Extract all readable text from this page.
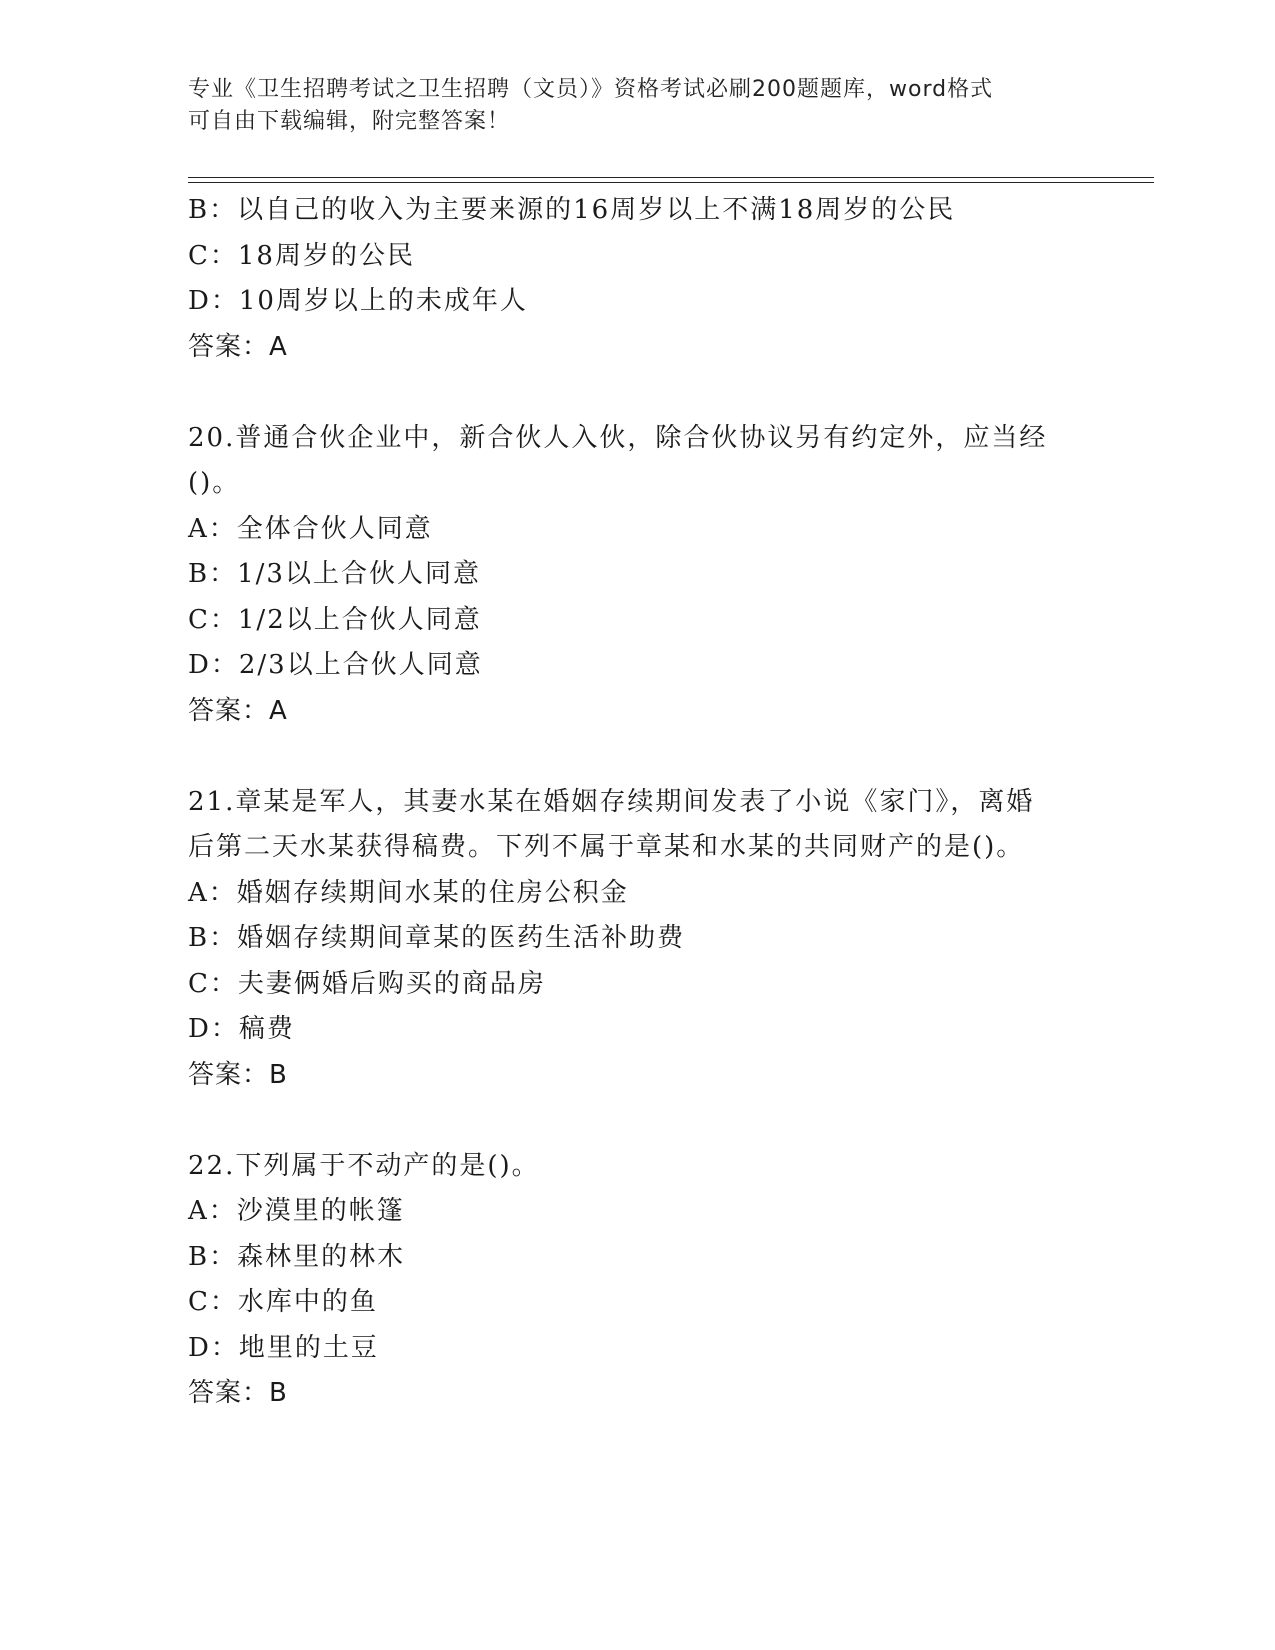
专业《卫生招聘考试之卫生招聘（文员）》资格考试必刷200题题库，word格式
可自由下载编辑，附完整答案！
B：以自己的收入为主要来源的16周岁以上不满18周岁的公民
C：18周岁的公民
D：10周岁以上的未成年人
答案：A
20.普通合伙企业中，新合伙人入伙，除合伙协议另有约定外，应当经
()。
A：全体合伙人同意
B：1/3以上合伙人同意
C：1/2以上合伙人同意
D：2/3以上合伙人同意
答案：A
21.章某是军人，其妻水某在婚姻存续期间发表了小说《家门》，离婚
后第二天水某获得稿费。下列不属于章某和水某的共同财产的是()。
A：婚姻存续期间水某的住房公积金
B：婚姻存续期间章某的医药生活补助费
C：夫妻俩婚后购买的商品房
D：稿费
答案：B
22.下列属于不动产的是()。
A：沙漠里的帐篷
B：森林里的林木
C：水库中的鱼
D：地里的土豆
答案：B
